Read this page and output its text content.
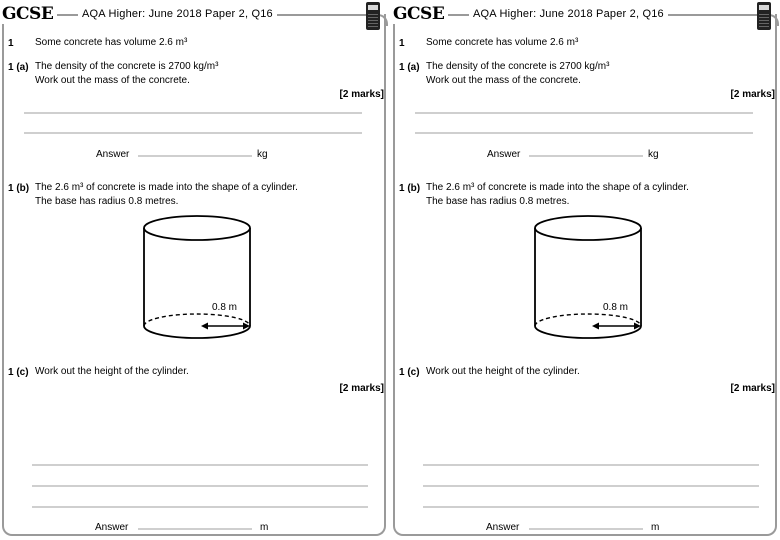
GCSE	AQA Higher: June 2018 Paper 2, Q16
1 Some concrete has volume 2.6 m³
1 (a) The density of the concrete is 2700 kg/m³
Work out the mass of the concrete.
[2 marks]
Answer	kg
1 (b) The 2.6 m³ of concrete is made into the shape of a cylinder.
The base has radius 0.8 metres.
0.8 m
1 (c) Work out the height of the cylinder.
[2 marks]
Answer	m
GCSE	AQA Higher: June 2018 Paper 2, Q16
1 Some concrete has volume 2.6 m³
1 (a) The density of the concrete is 2700 kg/m³
Work out the mass of the concrete.
[2 marks]
Answer	kg
1 (b) The 2.6 m³ of concrete is made into the shape of a cylinder.
The base has radius 0.8 metres.
0.8 m
1 (c) Work out the height of the cylinder.
[2 marks]
Answer	m
